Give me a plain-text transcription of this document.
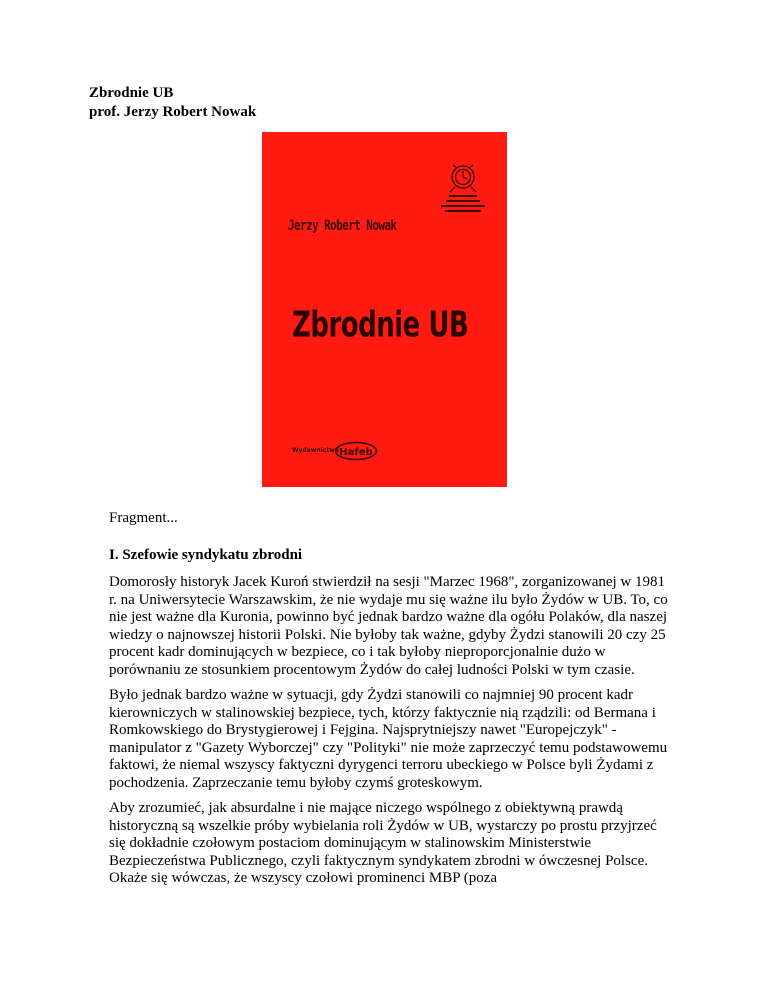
Zbrodnie UB
prof. Jerzy Robert Nowak
Jerzy Robert Nowak
Zbrodnie UB
Wydawnictwo Hafeb

Fragment...

I. Szefowie syndykatu zbrodni

Domorosły historyk Jacek Kuroń stwierdził na sesji "Marzec 1968", zorganizowanej w 1981 r. na Uniwersytecie Warszawskim, że nie wydaje mu się ważne ilu było Żydów w UB. To, co nie jest ważne dla Kuronia, powinno być jednak bardzo ważne dla ogółu Polaków, dla naszej wiedzy o najnowszej historii Polski. Nie byłoby tak ważne, gdyby Żydzi stanowili 20 czy 25 procent kadr dominujących w bezpiece, co i tak byłoby nieproporcjonalnie dużo w porównaniu ze stosunkiem procentowym Żydów do całej ludności Polski w tym czasie.

Było jednak bardzo ważne w sytuacji, gdy Żydzi stanowili co najmniej 90 procent kadr kierowniczych w stalinowskiej bezpiece, tych, którzy faktycznie nią rządzili: od Bermana i Romkowskiego do Brystygierowej i Fejgina. Najsprytniejszy nawet "Europejczyk" - manipulator z "Gazety Wyborczej" czy "Polityki" nie może zaprzeczyć temu podstawowemu faktowi, że niemal wszyscy faktyczni dyrygenci terroru ubeckiego w Polsce byli Żydami z pochodzenia. Zaprzeczanie temu byłoby czymś groteskowym.

Aby zrozumieć, jak absurdalne i nie mające niczego wspólnego z obiektywną prawdą historyczną są wszelkie próby wybielania roli Żydów w UB, wystarczy po prostu przyjrzeć się dokładnie czołowym postaciom dominującym w stalinowskim Ministerstwie Bezpieczeństwa Publicznego, czyli faktycznym syndykatem zbrodni w ówczesnej Polsce. Okaże się wówczas, że wszyscy czołowi prominenci MBP (poza
